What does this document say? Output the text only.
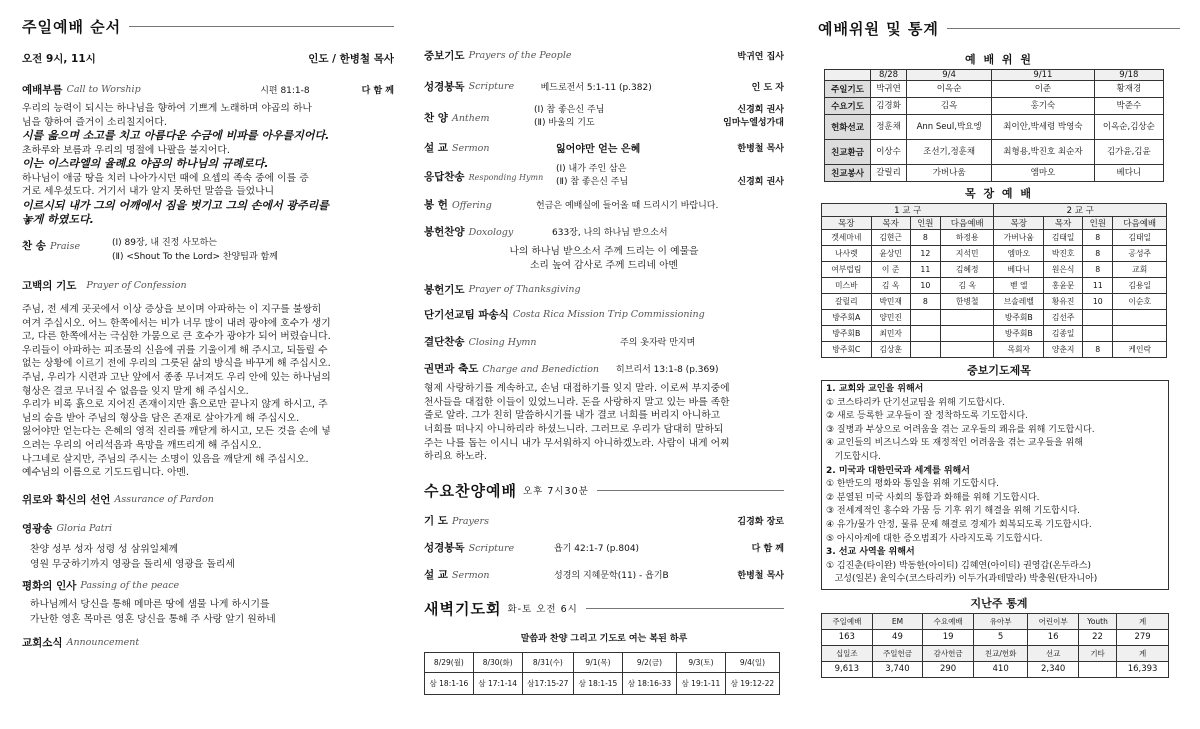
주일예배 순서
오전 9시, 11시	인도 / 한병철 목사
예배부름 Call to Worship	시편 81:1-8	다 함 께

우리의 능력이 되시는 하나님을 향하여 기쁘게 노래하며 야곱의 하나

님을 향하여 즐거이 소리칠지어다.

시를 읊으며 소고를 치고 아름다운 수금에 비파를 아우를지어다.

초하루와 보름과 우리의 명절에 나팔을 불지어다.

이는 이스라엘의 율례요 야곱의 하나님의 규례로다.

하나님이 애굽 땅을 치러 나아가시던 때에 요셉의 족속 중에 이를 증

거로 세우셨도다. 거기서 내가 알지 못하던 말씀을 들었나니

이르시되 내가 그의 어깨에서 짐을 벗기고 그의 손에서 광주리를

놓게 하였도다.

찬 송 Praise	(Ⅰ) 89장, 내 진정 사모하는
(Ⅱ) <Shout To the Lord> 찬양팀과 함께
고백의 기도 Prayer of Confession

주님, 전 세계 곳곳에서 이상 증상을 보이며 아파하는 이 지구를 불쌍히

여겨 주십시오. 어느 한쪽에서는 비가 너무 많이 내려 광야에 호수가 생기

고, 다른 한쪽에서는 극심한 가뭄으로 큰 호수가 광야가 되어 버렸습니다.

우리들이 아파하는 피조물의 신음에 귀를 기울이게 해 주시고, 되돌릴 수

없는 상황에 이르기 전에 우리의 그릇된 삶의 방식을 바꾸게 해 주십시오.

주님, 우리가 시련과 고난 앞에서 종종 무너져도 우리 안에 있는 하나님의

형상은 결코 무너질 수 없음을 잊지 말게 해 주십시오.

우리가 비록 흙으로 지어진 존재이지만 흙으로만 끝나지 않게 하시고, 주

님의 숨을 받아 주님의 형상을 담은 존재로 살아가게 해 주십시오.

잃어야만 얻는다는 은혜의 영적 진리를 깨닫게 하시고, 모든 것을 손에 넣

으려는 우리의 어리석음과 욕망을 깨뜨리게 해 주십시오.

나그네로 살지만, 주님의 주시는 소명이 있음을 깨닫게 해 주십시오.

예수님의 이름으로 기도드립니다. 아멘.

위로와 확신의 선언 Assurance of Pardon
영광송 Gloria Patri

찬양 성부 성자 성령 성 삼위일체께

영원 무궁하기까지 영광을 돌리세 영광을 돌리세

평화의 인사 Passing of the peace

하나님께서 당신을 통해 메마른 땅에 샘물 나게 하시기를

가난한 영혼 목마른 영혼 당신을 통해 주 사랑 알기 원하네

교회소식 Announcement
중보기도 Prayers of the People	박귀연 집사
성경봉독 Scripture	베드로전서 5:1-11 (p.382)	인 도 자
찬 양 Anthem
(Ⅰ) 참 좋은신 주님	신경희 권사
(Ⅱ) 바울의 기도	임마누엘성가대
설 교 Sermon	잃어야만 얻는 은혜	한병철 목사
응답찬송 Responding Hymn
(Ⅰ) 내가 주인 삼은
(Ⅱ) 참 좋은신 주님	신경희 권사
봉 헌 Offering	헌금은 예배실에 들어올 때 드리시기 바랍니다.
봉헌찬양 Doxology	633장, 나의 하나님 받으소서

나의 하나님 받으소서 주께 드리는 이 예물을

소리 높여 감사로 주께 드리네 아멘

봉헌기도 Prayer of Thanksgiving
단기선교팀 파송식 Costa Rica Mission Trip Commissioning
결단찬송 Closing Hymn	주의 옷자락 만지며
권면과 축도 Charge and Benediction	히브리서 13:1-8 (p.369)

형제 사랑하기를 계속하고, 손님 대접하기를 잊지 말라. 이로써 부지중에

천사들을 대접한 이들이 있었느니라. 돈을 사랑하지 말고 있는 바를 족한

줄로 알라. 그가 친히 말씀하시기를 내가 결코 너희를 버리지 아니하고

너희를 떠나지 아니하리라 하셨느니라. 그러므로 우리가 담대히 말하되

주는 나를 돕는 이시니 내가 무서워하지 아니하겠노라. 사람이 내게 어찌

하리요 하노라.

수요찬양예배 오후 7시30분
기 도 Prayers	김경화 장로
성경봉독 Scripture	욥기 42:1-7 (p.804)	다 함 께
설 교 Sermon	성경의 지혜문학(11) - 욥기B	한병철 목사
새벽기도회 화-토 오전 6시
말씀과 찬양 그리고 기도로 여는 복된 하루
8/29(월)	8/30(화)	8/31(수)	9/1(목)	9/2(금)	9/3(토)	9/4(일)
삼 18:1-16	삼 17:1-14	삼17:15-27	삼 18:1-15	삼 18:16-33	삼 19:1-11	삼 19:12-22
예배위원 및 통계
예 배 위 원
	8/28	9/4	9/11	9/18
주일기도	박귀연	이옥순	이준	황재경
수요기도	김경화	김옥	홍기숙	박준수
헌화선교	정훈채	Ann Seul,박요엥	최이안,박세령 박영숙	이옥순,김상순
친교환금	이상수	조선기,정훈채	최형용,박진호 최순자	김가윤,김윤
친교봉사	갈릴리	가버나움	엠마오	베다니
목 장 예 배
1 교 구				2 교 구			
목장	목자	인원	다음예배	목장	목자	인원	다음예배
겟세마네	김현근	8	하정용	가버나움	김태일	8	김태일
나사렛	윤상민	12	지석민	엠마오	박진호	8	공성주
여부럽림	이 준	11	김혜정	베다니	원은식	8	교회
미스바	김 옥	10	김 옥	벧 엘	홍윤문	11	김용일
갈릴리	박민재	8	한병철	브솔레벨	황유진	10	이순호
방주회A	양민진			방주회B	김선주		
방주회B	최민자			방주회B	김종일		
방주회C	김상훈			목회자	양춘지	8	케인락
중보기도제목
1. 교회와 교인을 위해서
① 코스타리카 단기선교팀을 위해 기도합시다.
② 새로 등록한 교우들이 잘 정착하도록 기도합시다.
③ 질병과 부상으로 어려움을 겪는 교우들의 쾌유를 위해 기도합시다.
④ 교인들의 비즈니스와 또 재정적인 어려움을 겪는 교우들을 위해
기도합시다.
2. 미국과 대한민국과 세계를 위해서
① 한반도의 평화와 통일을 위해 기도합시다.
② 분열된 미국 사회의 통합과 화해를 위해 기도합시다.
③ 전세계적인 홍수와 가뭄 등 기후 위기 해결을 위해 기도합시다.
④ 유가/물가 안정, 물류 문제 해결로 경제가 회복되도록 기도합시다.
⑤ 아시아계에 대한 증오범죄가 사라지도록 기도합시다.
3. 선교 사역을 위해서
① 김진춘(타이완) 박동한(아이티) 김혜연(아이티) 권영갑(온두라스)
고성(일본) 윤익수(코스타리카) 이두가(과테말라) 박충원(탄자니아)
지난주 통계
주일예배	EM	수요예배	유아부	어린이부	Youth	계
163	49	19	5	16	22	279
십일조	주일헌금	감사헌금	친교/헌화	선교	기타	계
9,613	3,740	290	410	2,340		16,393
